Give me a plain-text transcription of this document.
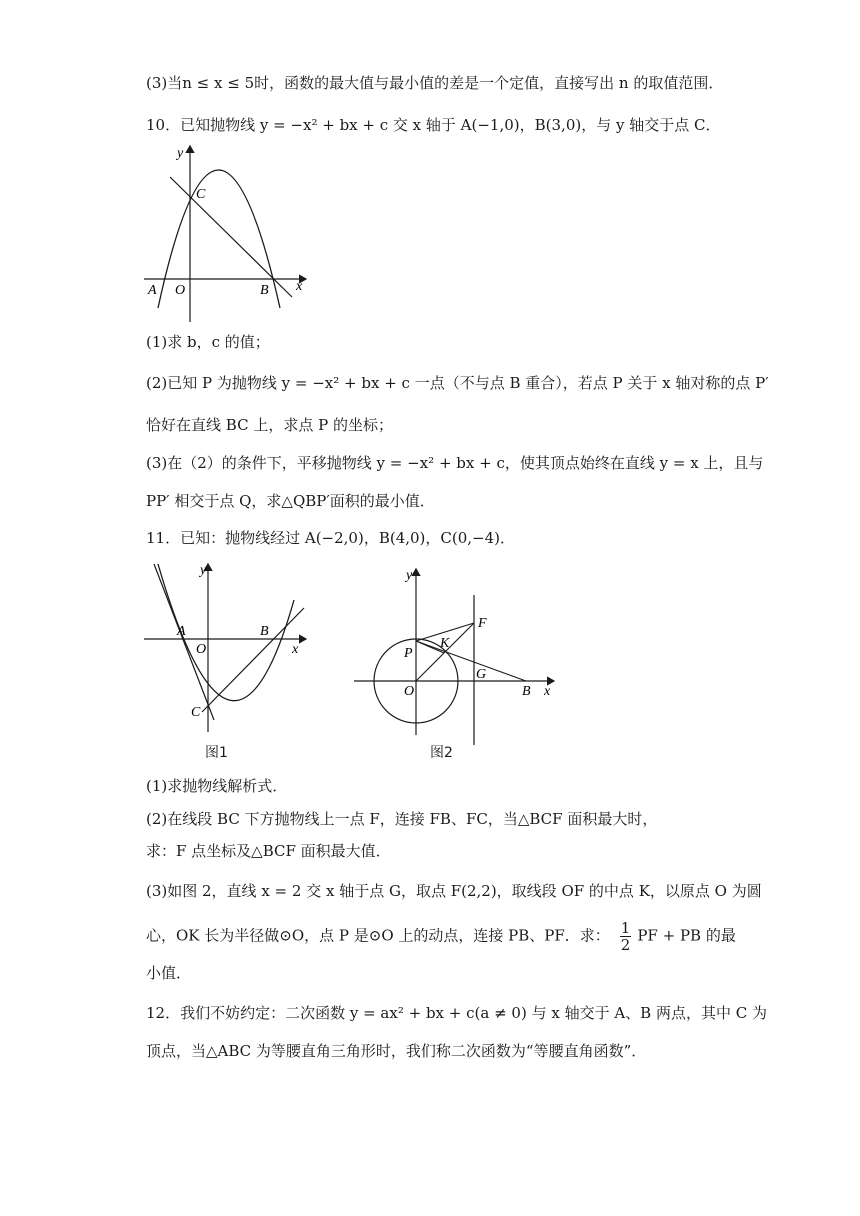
(3)当n ≤ x ≤ 5时，函数的最大值与最小值的差是一个定值，直接写出 n 的取值范围．
10．已知抛物线 y = −x² + bx + c 交 x 轴于 A(−1,0)，B(3,0)，与 y 轴交于点 C．
y
x
C
A O	B
(1)求 b，c 的值；
(2)已知 P 为抛物线 y = −x² + bx + c 一点（不与点 B 重合），若点 P 关于 x 轴对称的点 P′
恰好在直线 BC 上，求点 P 的坐标；
(3)在（2）的条件下，平移抛物线 y = −x² + bx + c，使其顶点始终在直线 y = x 上，且与
PP′ 相交于点 Q，求△QBP′面积的最小值．
11．已知：抛物线经过 A(−2,0)，B(4,0)，C(0,−4)．
y
x
A
O
B
C
图1
y
x
F
K
P
G
O	B
图2
(1)求抛物线解析式．
(2)在线段 BC 下方抛物线上一点 F，连接 FB、FC，当△BCF 面积最大时，
求：F 点坐标及△BCF 面积最大值．
(3)如图 2，直线 x = 2 交 x 轴于点 G，取点 F(2,2)，取线段 OF 的中点 K，以原点 O 为圆
心，OK 长为半径做⊙O，点 P 是⊙O 上的动点，连接 PB、PF．求： $\frac{1}{2}$ PF + PB 的最
小值．
12．我们不妨约定：二次函数 y = ax² + bx + c(a ≠ 0) 与 x 轴交于 A、B 两点，其中 C 为
顶点，当△ABC 为等腰直角三角形时，我们称二次函数为“等腰直角函数”．
